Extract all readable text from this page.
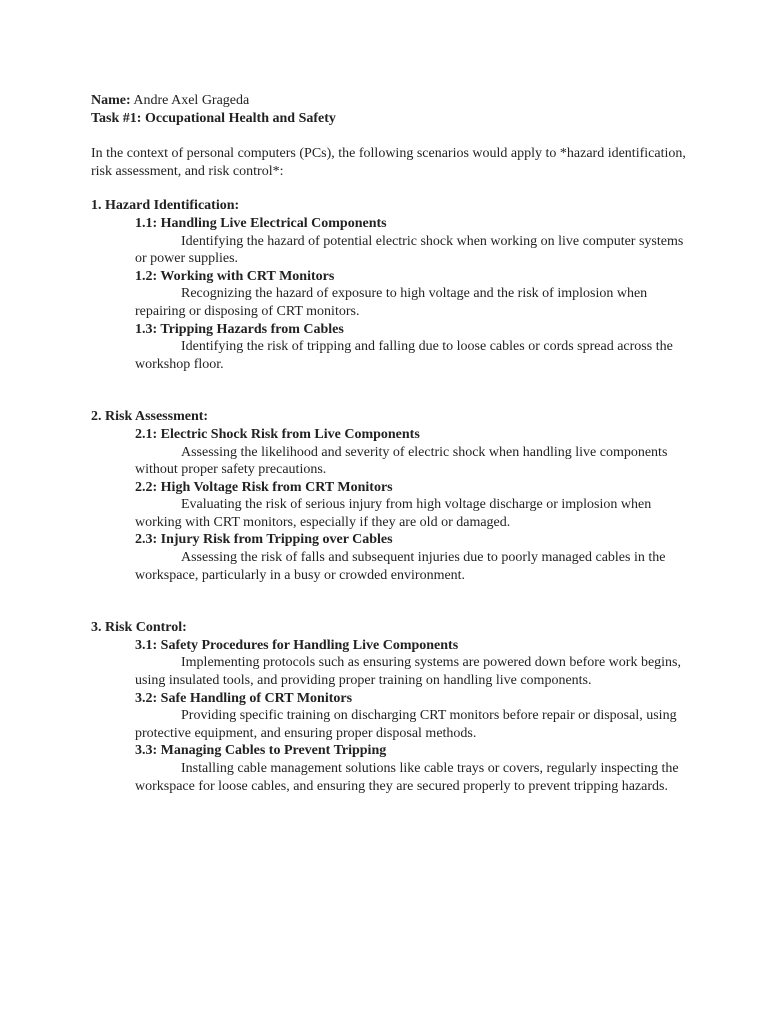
Name: Andre Axel Grageda
Task #1: Occupational Health and Safety
In the context of personal computers (PCs), the following scenarios would apply to *hazard identification, risk assessment, and risk control*:
1. Hazard Identification:
1.1: Handling Live Electrical Components
Identifying the hazard of potential electric shock when working on live computer systems or power supplies.
1.2: Working with CRT Monitors
Recognizing the hazard of exposure to high voltage and the risk of implosion when repairing or disposing of CRT monitors.
1.3: Tripping Hazards from Cables
Identifying the risk of tripping and falling due to loose cables or cords spread across the workshop floor.
2. Risk Assessment:
2.1: Electric Shock Risk from Live Components
Assessing the likelihood and severity of electric shock when handling live components without proper safety precautions.
2.2: High Voltage Risk from CRT Monitors
Evaluating the risk of serious injury from high voltage discharge or implosion when working with CRT monitors, especially if they are old or damaged.
2.3: Injury Risk from Tripping over Cables
Assessing the risk of falls and subsequent injuries due to poorly managed cables in the workspace, particularly in a busy or crowded environment.
3. Risk Control:
3.1: Safety Procedures for Handling Live Components
Implementing protocols such as ensuring systems are powered down before work begins, using insulated tools, and providing proper training on handling live components.
3.2: Safe Handling of CRT Monitors
Providing specific training on discharging CRT monitors before repair or disposal, using protective equipment, and ensuring proper disposal methods.
3.3: Managing Cables to Prevent Tripping
Installing cable management solutions like cable trays or covers, regularly inspecting the workspace for loose cables, and ensuring they are secured properly to prevent tripping hazards.
